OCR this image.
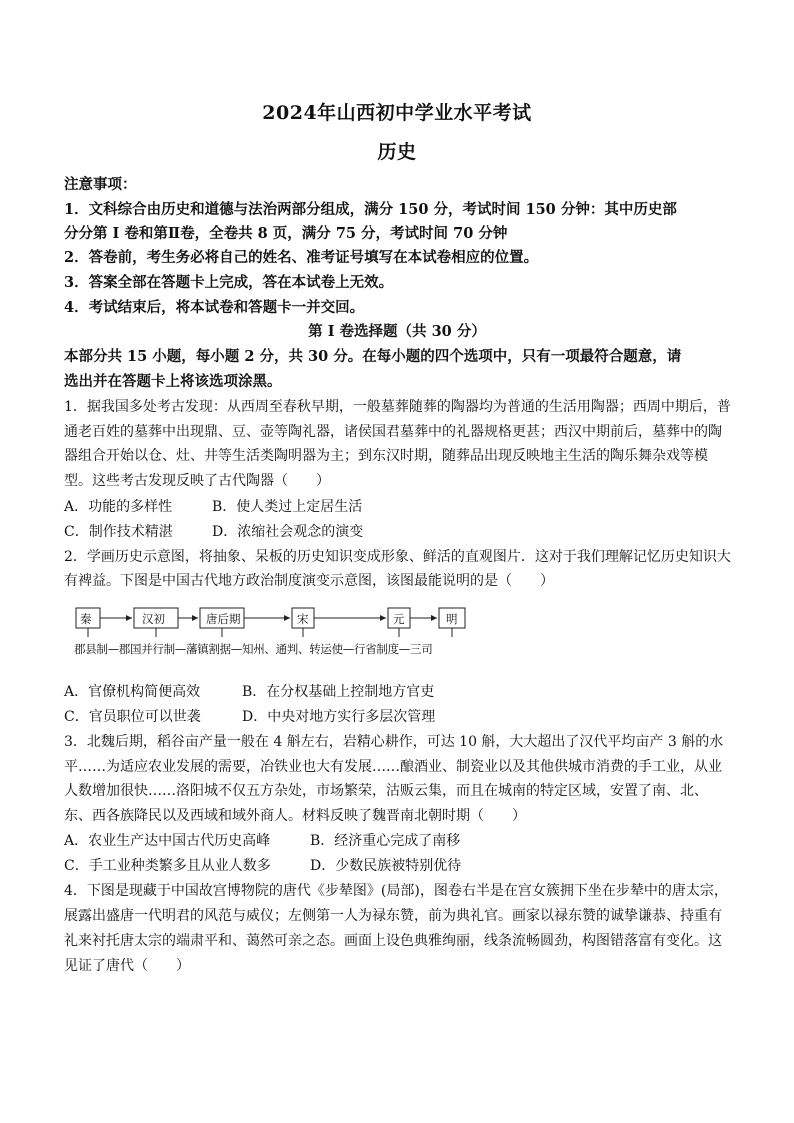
2024年山西初中学业水平考试
历史
注意事项：
1．文科综合由历史和道德与法治两部分组成，满分 150 分，考试时间 150 分钟：其中历史部
分分第 I 卷和第Ⅱ卷，全卷共 8 页，满分 75 分，考试时间 70 分钟
2．答卷前，考生务必将自己的姓名、准考证号填写在本试卷相应的位置。
3．答案全部在答题卡上完成，答在本试卷上无效。
4．考试结束后，将本试卷和答题卡一并交回。
第 I 卷选择题（共 30 分）
本部分共 15 小题，每小题 2 分，共 30 分。在每小题的四个选项中，只有一项最符合题意，请
选出并在答题卡上将该选项涂黑。
1．据我国多处考古发现：从西周至春秋早期，一般墓葬随葬的陶器均为普通的生活用陶器；西周中期后，普
通老百姓的墓葬中出现鼎、豆、壶等陶礼器，诸侯国君墓葬中的礼器规格更甚；西汉中期前后，墓葬中的陶
器组合开始以仓、灶、井等生活类陶明器为主；到东汉时期，随葬品出现反映地主生活的陶乐舞杂戏等模
型。这些考古发现反映了古代陶器（　　）
A．功能的多样性	B．使人类过上定居生活
C．制作技术精湛	D．浓缩社会观念的演变
2．学画历史示意图，将抽象、呆板的历史知识变成形象、鲜活的直观图片．这对于我们理解记忆历史知识大
有裨益。下图是中国古代地方政治制度演变示意图，该图最能说明的是（　　）
秦	汉初	唐后期	宋	元	明
郡县制—郡国并行制—藩镇割据—知州、通判、转运使—行省制度—三司
A．官僚机构简便高效	B．在分权基础上控制地方官吏
C．官员职位可以世袭	D．中央对地方实行多层次管理
3．北魏后期，稻谷亩产量一般在 4 斛左右，岩精心耕作，可达 10 斛，大大超出了汉代平均亩产 3 斛的水
平……为适应农业发展的需要，冶铁业也大有发展……酿酒业、制瓷业以及其他供城市消费的手工业，从业
人数增加很快……洛阳城不仅五方杂处，市场繁荣，沽贩云集，而且在城南的特定区域，安置了南、北、
东、西各族降民以及西域和域外商人。材料反映了魏晋南北朝时期（　　）
A．农业生产达中国古代历史高峰	B．经济重心完成了南移
C．手工业种类繁多且从业人数多	D．少数民族被特别优待
4．下图是现藏于中国故宫博物院的唐代《步辇图》(局部)，图卷右半是在宫女簇拥下坐在步辇中的唐太宗，
展露出盛唐一代明君的风范与威仪；左侧第一人为禄东赞，前为典礼官。画家以禄东赞的诚挚谦恭、持重有
礼来衬托唐太宗的端肃平和、蔼然可亲之态。画面上设色典雅绚丽，线条流畅圆劲，构图错落富有变化。这
见证了唐代（　　）
